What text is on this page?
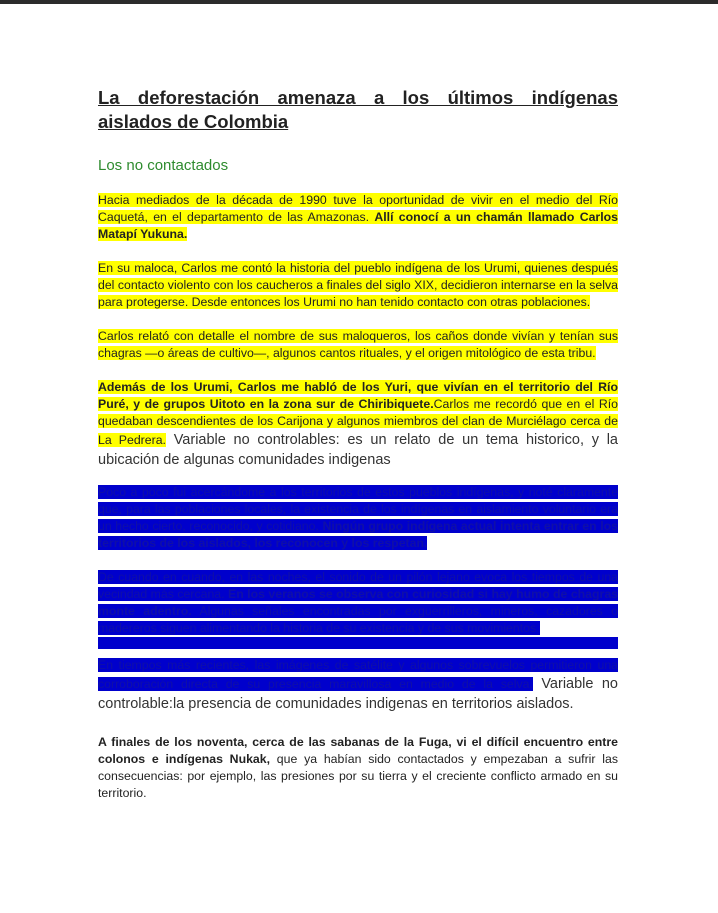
La deforestación amenaza a los últimos indígenas aislados de Colombia
Los no contactados

Hacia mediados de la década de 1990 tuve la oportunidad de vivir en el medio del Río Caquetá, en el departamento de las Amazonas. Allí conocí a un chamán llamado Carlos Matapí Yukuna.

En su maloca, Carlos me contó la historia del pueblo indígena de los Urumi, quienes después del contacto violento con los caucheros a finales del siglo XIX, decidieron internarse en la selva para protegerse. Desde entonces los Urumi no han tenido contacto con otras poblaciones.

Carlos relató con detalle el nombre de sus maloqueros, los caños donde vivían y tenían sus chagras —o áreas de cultivo—, algunos cantos rituales, y el origen mitológico de esta tribu.

Además de los Urumi, Carlos me habló de los Yuri, que vivían en el territorio del Río Puré, y de grupos Uitoto en la zona sur de Chiribiquete.Carlos me recordó que en el Río quedaban descendientes de los Carijona y algunos miembros del clan de Murciélago cerca de La Pedrera. Variable no controlables: es un relato de un tema historico, y la ubicación de algunas comunidades indigenas

Poco a poco fui acercándome a los territorios de estos pueblos indígenas, y noté claramente que, para las poblaciones locales, la existencia de los indígenas en aislamiento voluntario era un hecho cierto, reconocido, y cotidiano. Ningún grupo indígena actual intenta entrar en los territorios de los aislados, los reconocen y los respetan.

De cuando en cuando, en las noches, el sonido de un pilón lejano evoca los tiempos de una vecindad más cercana. En los veranos se observa con curiosidad si hay humo de chagras monte adentro. Algunas señales encontradas por exguerrilleros, mineros, cazadores o madereros siguen alimentando la historia de su existencia y de sus movimientos.

En tiempos más recientes, las imágenes de satélite y algunos sobrevuelos permitieron una corroboración directa de su presencia maravillosa en medio de la selva. Variable no controlable:la presencia de comunidades indigenas en territorios aislados.

A finales de los noventa, cerca de las sabanas de la Fuga, vi el difícil encuentro entre colonos e indígenas Nukak, que ya habían sido contactados y empezaban a sufrir las consecuencias: por ejemplo, las presiones por su tierra y el creciente conflicto armado en su territorio.
